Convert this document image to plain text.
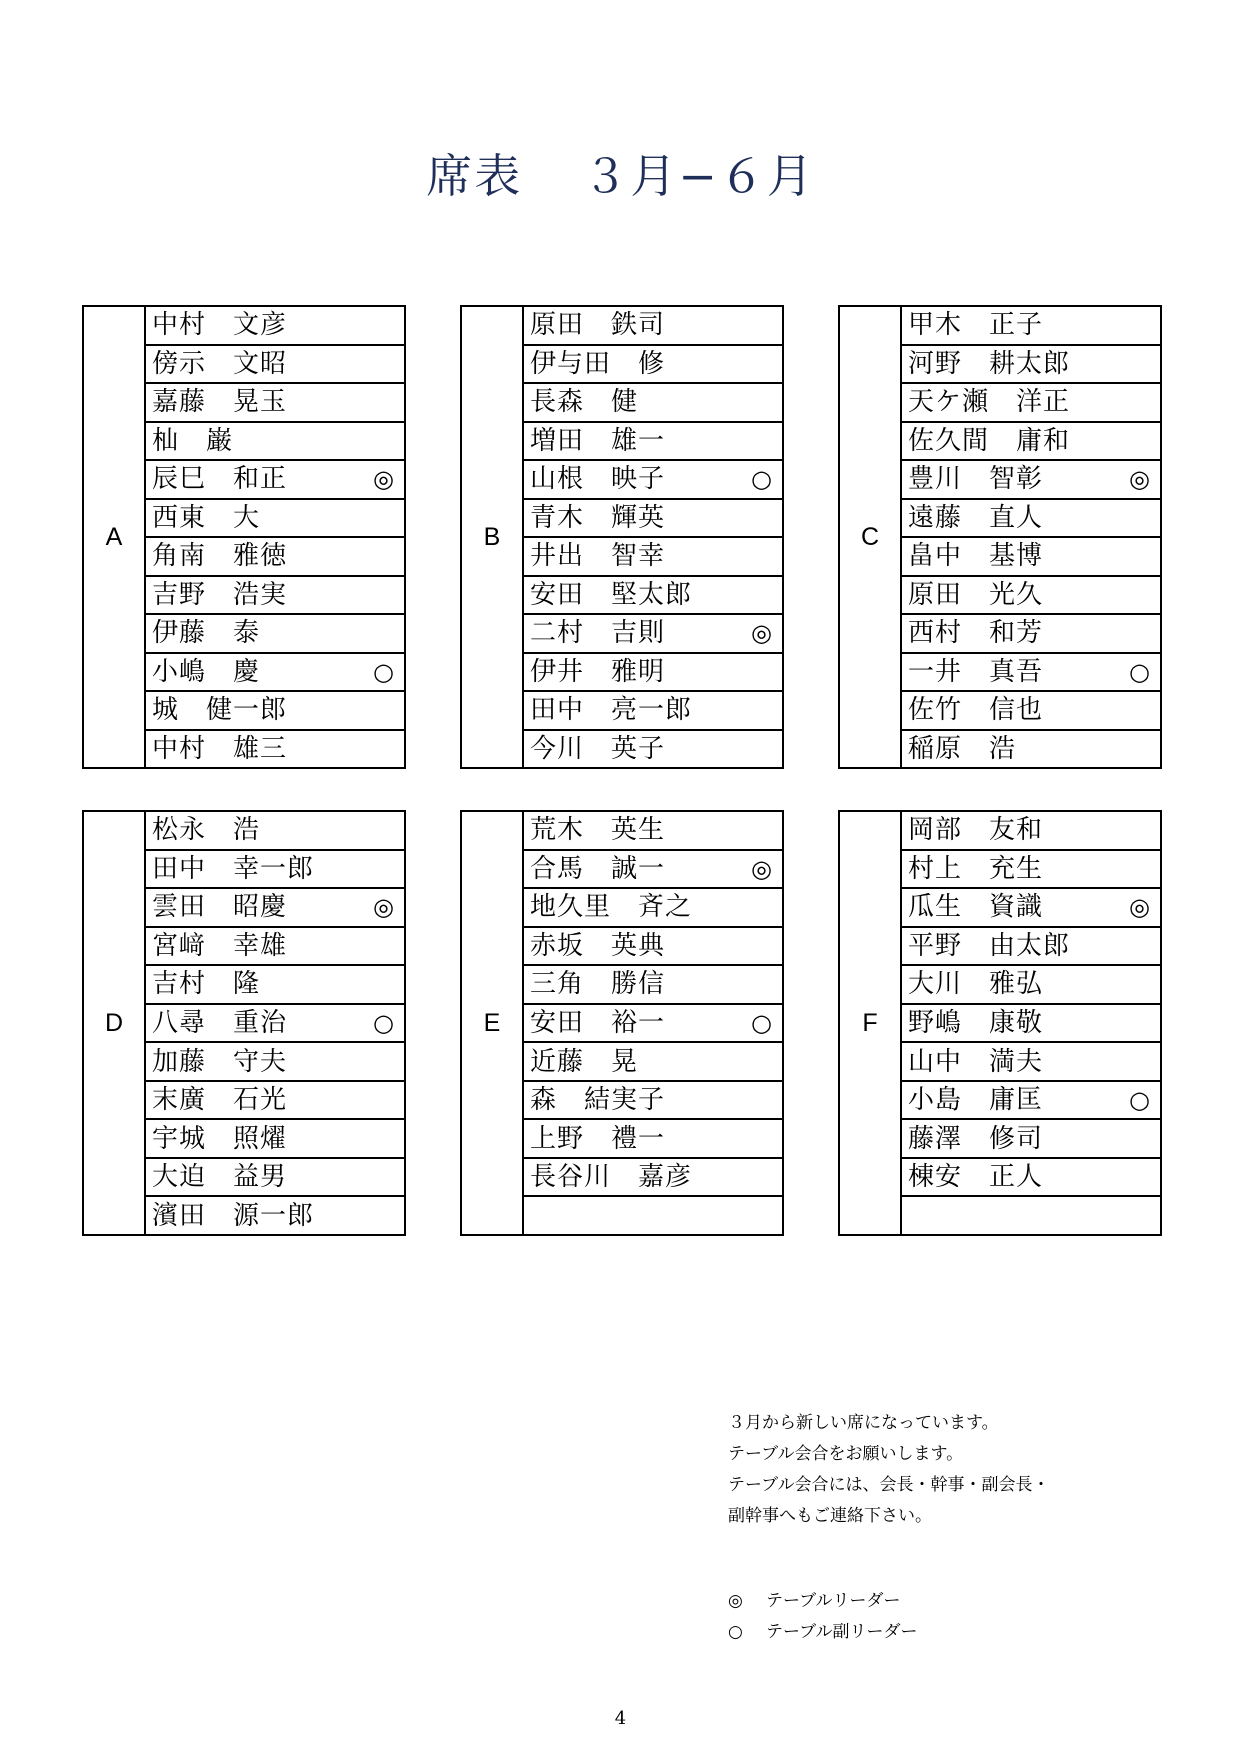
席表 ３月−６月
A
中村　文彦
傍示　文昭
嘉藤　晃玉
杣　巌
辰巳　和正	◎
西東　大
角南　雅徳
吉野　浩実
伊藤　泰
小嶋　慶	○
城　健一郎
中村　雄三
B
原田　鉄司
伊与田　修
長森　健
増田　雄一
山根　映子	○
青木　輝英
井出　智幸
安田　堅太郎
二村　吉則	◎
伊井　雅明
田中　亮一郎
今川　英子
C
甲木　正子
河野　耕太郎
天ケ瀬　洋正
佐久間　庸和
豊川　智彰	◎
遠藤　直人
畠中　基博
原田　光久
西村　和芳
一井　真吾	○
佐竹　信也
稲原　浩
D
松永　浩
田中　幸一郎
雲田　昭慶	◎
宮﨑　幸雄
吉村　隆
八尋　重治	○
加藤　守夫
末廣　石光
宇城　照燿
大迫　益男
濱田　源一郎
E
荒木　英生
合馬　誠一	◎
地久里　斉之
赤坂　英典
三角　勝信
安田　裕一	○
近藤　晃
森　結実子
上野　禮一
長谷川　嘉彦
F
岡部　友和
村上　充生
瓜生　資識	◎
平野　由太郎
大川　雅弘
野嶋　康敬
山中　満夫
小島　庸匡	○
藤澤　修司
棟安　正人

３月から新しい席になっています。

テーブル会合をお願いします。

テーブル会合には、会長・幹事・副会長・

副幹事へもご連絡下さい。

◎	テーブルリーダー
○	テーブル副リーダー
4
